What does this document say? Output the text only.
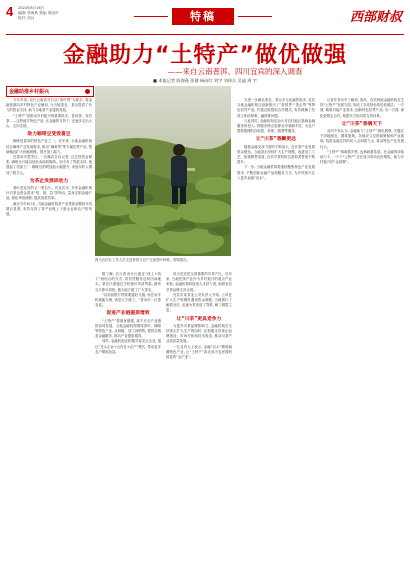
4 2024年8月16日
编辑: 张海燕 美编: 陈良叶
校对: 刘兵	特稿	西部财叔
金融助力“土特产”做优做强
——来自云南普洱、四川宜宾的深入调查
■ 本报记者 陈海燕 张健 杨向红 刘宇 刘伟兵 吴迪 周 宇
金融助推乡村振兴

今年年初, 农行云南省分行以“茶叶贷”为抓手, 将金融资源向乡村特色产业倾斜, 为当地茶农、茶企提供了有力的资金支持, 助力当地茶产业蓬勃发展。

“土特产”是推动乡村振兴的重要抓手。普洱茶、宜宾茶……这些地方特色产品, 在金融的支持下, 正逐步走出大山、走向全国。

助力咖啡豆变致富豆

咖啡是普洱的特色产业之一。近年来, 当地金融机构结合咖啡产业发展需求, 推出“咖啡贷”等专属信贷产品, 帮助咖农扩大种植规模、提升加工能力。

在普洱市思茅区, 一位咖农告诉记者, 过去因资金紧张, 咖啡豆只能以低价卖给收购商。如今有了贷款支持, 他建起了初加工厂, 咖啡豆的附加值大幅提升, 家庭年收入增加了数万元。

为茶企发展添动力

茶叶是宜宾的又一张名片。在宜宾市, 多家金融机构针对茶企资金需求“短、频、急”的特点, 量身定制金融产品, 简化审批流程, 提高放款效率。

截至今年6月末, 当地金融机构茶产业贷款余额较年初增长显著, 有效支持了茶产业链上下游企业和农户的发展。

图为农信社工作人员走进茶园与农户交流茶叶种植、收购情况。

据了解, 农行普洱分行通过“线上+线下”相结合的方式, 将信贷服务送到田间地头。茶农只需通过手机便可申请贷款, 最快当天即可到账, 极大地方便了广大茶农。

“以前找银行贷款要跑好几趟, 现在用手机就能办理, 真是太方便了。”普洱市一位茶农说。

促进产业链提质增效

“土特产”要做优做强, 离不开全产业链的协同发展。当地金融机构围绕茶叶、咖啡等特色产业, 从种植、加工到销售, 提供全链条金融服务, 推动产业提质增效。

同时, 金融机构还积极对接龙头企业, 通过“龙头企业+合作社+农户”模式, 带动更多农户增收致富。

四川宜宾是全国重要的早茶产区。近年来, 当地把茶产业作为乡村振兴的重点产业来抓, 金融机构持续加大支持力度, 助推宜宾早茶品牌走向全国。

宜宾市某茶业公司负责人介绍, 公司在扩大生产规模时遇到资金难题, 当地银行了解情况后, 迅速为其发放了贷款, 解了燃眉之急。

让“川茶”更具竞争力

为提升川茶品牌影响力, 金融机构在支持茶企扩大生产的同时, 还积极支持茶企品牌建设、市场开拓和技术改造, 推动川茶产业高质量发展。

一位业内人士表示, 金融“活水”精准滴灌特色产业, 让“土特产”真正成为农民增收致富的“金产业”。

为进一步满足茶农、茶企多元化融资需求, 宜宾当地金融机构还创新推出了“茶园贷”“茶企贷”等特色信贷产品, 并通过政银担合作模式, 有效缓解了经营主体担保难、融资难问题。

与此同时, 金融机构还加大对农村地区基础金融服务的投入, 将服务网点延伸至乡镇和村庄, 为农户提供便捷的存取款、转账、缴费等服务。

让“川茶”香飘更远

随着金融支持力度的不断加大, 宜宾茶产业发展势头强劲。当地茶企纷纷扩大生产规模、改进加工工艺、拓展销售渠道, 宜宾早茶的知名度和美誉度不断提升。

下一步, 当地金融机构将继续聚焦特色产业发展需求, 不断创新金融产品和服务方式, 为乡村振兴注入更多金融“活水”。

记者在采访中了解到, 普洱、宜宾两地金融机构在支持“土特产”发展方面, 形成了各具特色的经验做法。一方面, 精准对接产业需求, 创新特色信贷产品; 另一方面, 深化政银企合作, 构建多方协同的支持体系。

让“川茶”香满天下

业内专家认为, 金融助力“土特产”做优做强, 关键在于因地制宜、精准施策。各地应立足资源禀赋和产业基础, 找准金融支持的切入点和着力点, 推动特色产业发展壮大。

“土特产”承载着乡愁, 也承载着希望。在金融的持续助力下, 一个个“土特产”正在成为带动农民增收、助力乡村振兴的“金招牌”。
